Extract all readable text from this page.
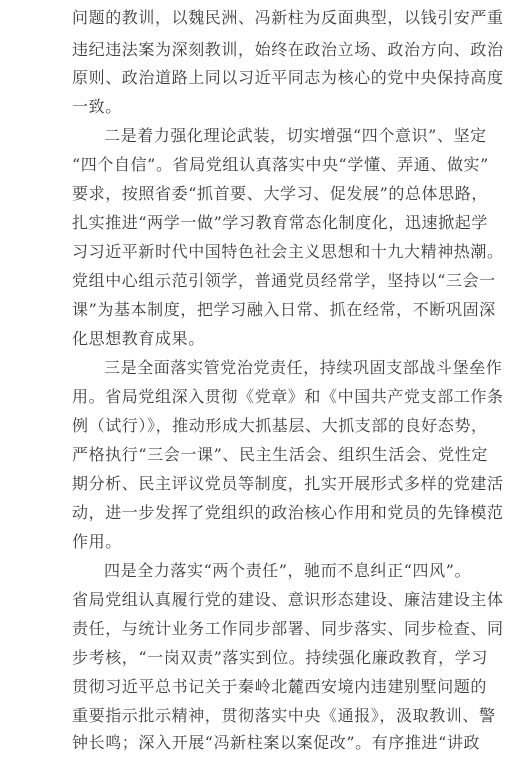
问题的教训，以魏民洲、冯新柱为反面典型，以钱引安严重
违纪违法案为深刻教训，始终在政治立场、政治方向、政治
原则、政治道路上同以习近平同志为核心的党中央保持高度
一致。
二是着力强化理论武装，切实增强“四个意识”、坚定
“四个自信”。省局党组认真落实中央“学懂、弄通、做实”
要求，按照省委“抓首要、大学习、促发展”的总体思路，
扎实推进“两学一做”学习教育常态化制度化，迅速掀起学
习习近平新时代中国特色社会主义思想和十九大精神热潮。
党组中心组示范引领学，普通党员经常学，坚持以“三会一
课”为基本制度，把学习融入日常、抓在经常，不断巩固深
化思想教育成果。
三是全面落实管党治党责任，持续巩固支部战斗堡垒作
用。省局党组深入贯彻《党章》和《中国共产党支部工作条
例（试行）》，推动形成大抓基层、大抓支部的良好态势，
严格执行“三会一课”、民主生活会、组织生活会、党性定
期分析、民主评议党员等制度，扎实开展形式多样的党建活
动，进一步发挥了党组织的政治核心作用和党员的先锋模范
作用。
四是全力落实“两个责任”，驰而不息纠正“四风”。
省局党组认真履行党的建设、意识形态建设、廉洁建设主体
责任，与统计业务工作同步部署、同步落实、同步检查、同
步考核，“一岗双责”落实到位。持续强化廉政教育，学习
贯彻习近平总书记关于秦岭北麓西安境内违建别墅问题的
重要指示批示精神，贯彻落实中央《通报》，汲取教训、警
钟长鸣；深入开展“冯新柱案以案促改”。有序推进“讲政
